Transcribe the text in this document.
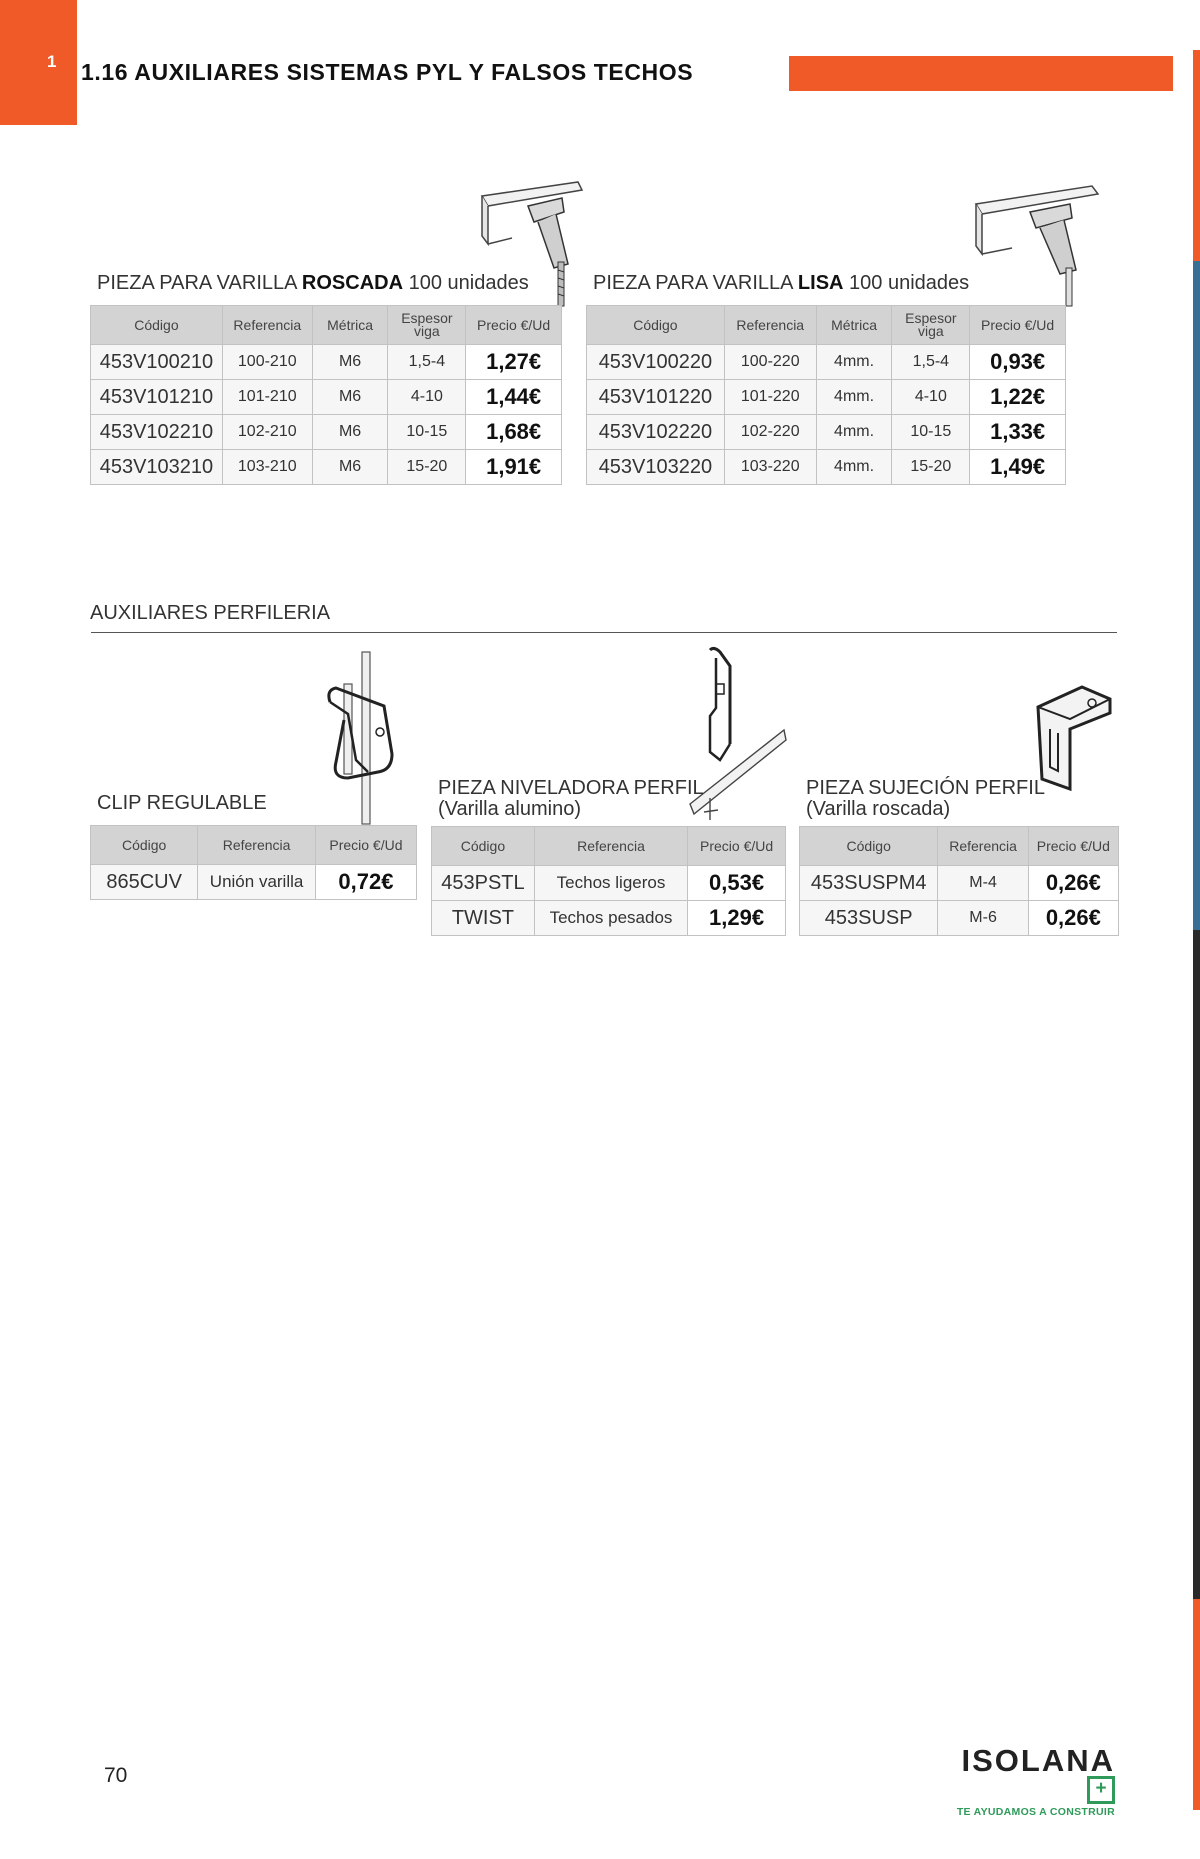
1 1.16 AUXILIARES SISTEMAS PYL Y FALSOS TECHOS
PIEZA PARA VARILLA ROSCADA 100 unidades
Código	Referencia	Métrica	Espesor viga	Precio €/Ud
453V100210	100-210	M6	1,5-4	1,27€
453V101210	101-210	M6	4-10	1,44€
453V102210	102-210	M6	10-15	1,68€
453V103210	103-210	M6	15-20	1,91€
PIEZA PARA VARILLA LISA 100 unidades
Código	Referencia	Métrica	Espesor viga	Precio €/Ud
453V100220	100-220	4mm.	1,5-4	0,93€
453V101220	101-220	4mm.	4-10	1,22€
453V102220	102-220	4mm.	10-15	1,33€
453V103220	103-220	4mm.	15-20	1,49€
AUXILIARES PERFILERIA
CLIP REGULABLE
Código	Referencia	Precio €/Ud
865CUV	Unión varilla	0,72€
PIEZA NIVELADORA PERFIL
(Varilla alumino)
Código	Referencia	Precio €/Ud
453PSTL	Techos ligeros	0,53€
TWIST	Techos pesados	1,29€
PIEZA SUJECIÓN PERFIL
(Varilla roscada)
Código	Referencia	Precio €/Ud
453SUSPM4	M-4	0,26€
453SUSP	M-6	0,26€
70	ISOLANA+
TE AYUDAMOS A CONSTRUIR
